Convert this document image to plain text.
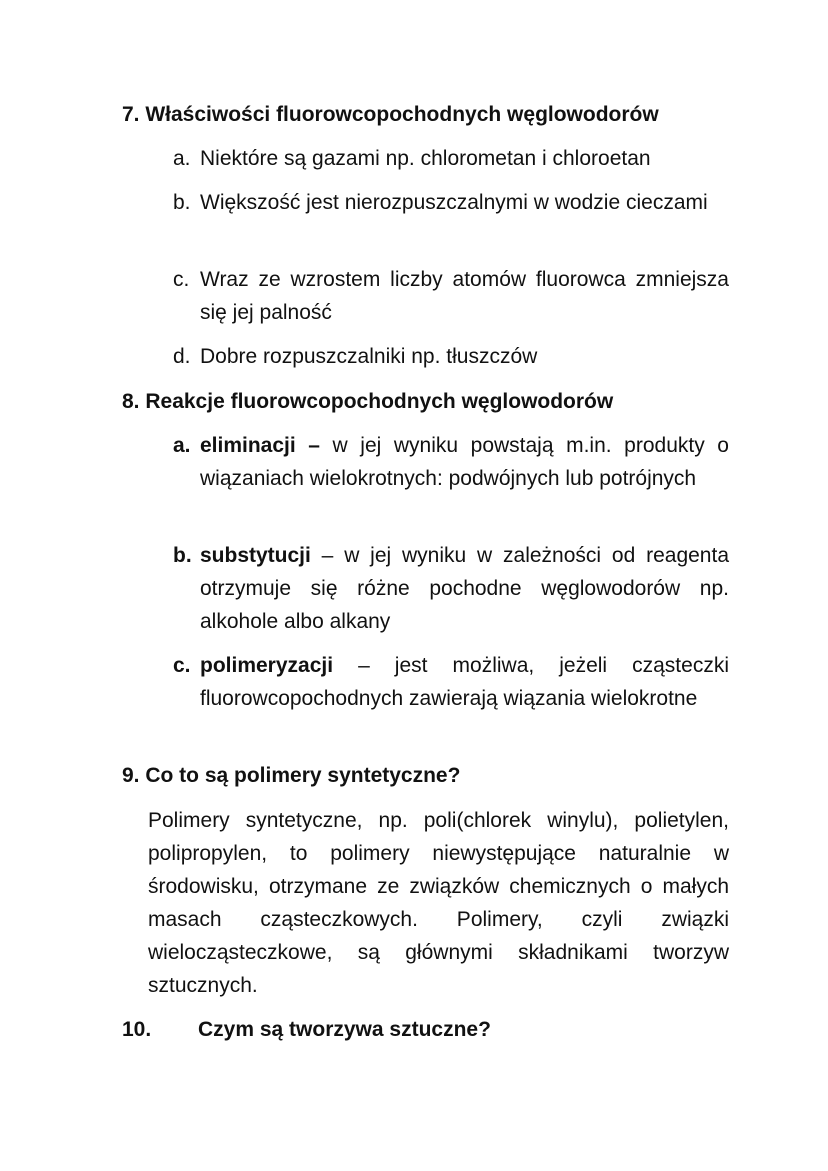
7. Właściwości fluorowcopochodnych węglowodorów
a. Niektóre są gazami np. chlorometan i chloroetan
b. Większość jest nierozpuszczalnymi w wodzie cieczami
c. Wraz ze wzrostem liczby atomów fluorowca zmniejsza się jej palność
d. Dobre rozpuszczalniki np. tłuszczów
8. Reakcje fluorowcopochodnych węglowodorów
a. eliminacji – w jej wyniku powstają m.in. produkty o wiązaniach wielokrotnych: podwójnych lub potrójnych
b. substytucji – w jej wyniku w zależności od reagenta otrzymuje się różne pochodne węglowodorów np. alkohole albo alkany
c. polimeryzacji – jest możliwa, jeżeli cząsteczki fluorowcopochodnych zawierają wiązania wielokrotne
9. Co to są polimery syntetyczne?
Polimery syntetyczne, np. poli(chlorek winylu), polietylen, polipropylen, to polimery niewystępujące naturalnie w środowisku, otrzymane ze związków chemicznych o małych masach cząsteczkowych. Polimery, czyli związki wielocząsteczkowe, są głównymi składnikami tworzyw sztucznych.
10. Czym są tworzywa sztuczne?
